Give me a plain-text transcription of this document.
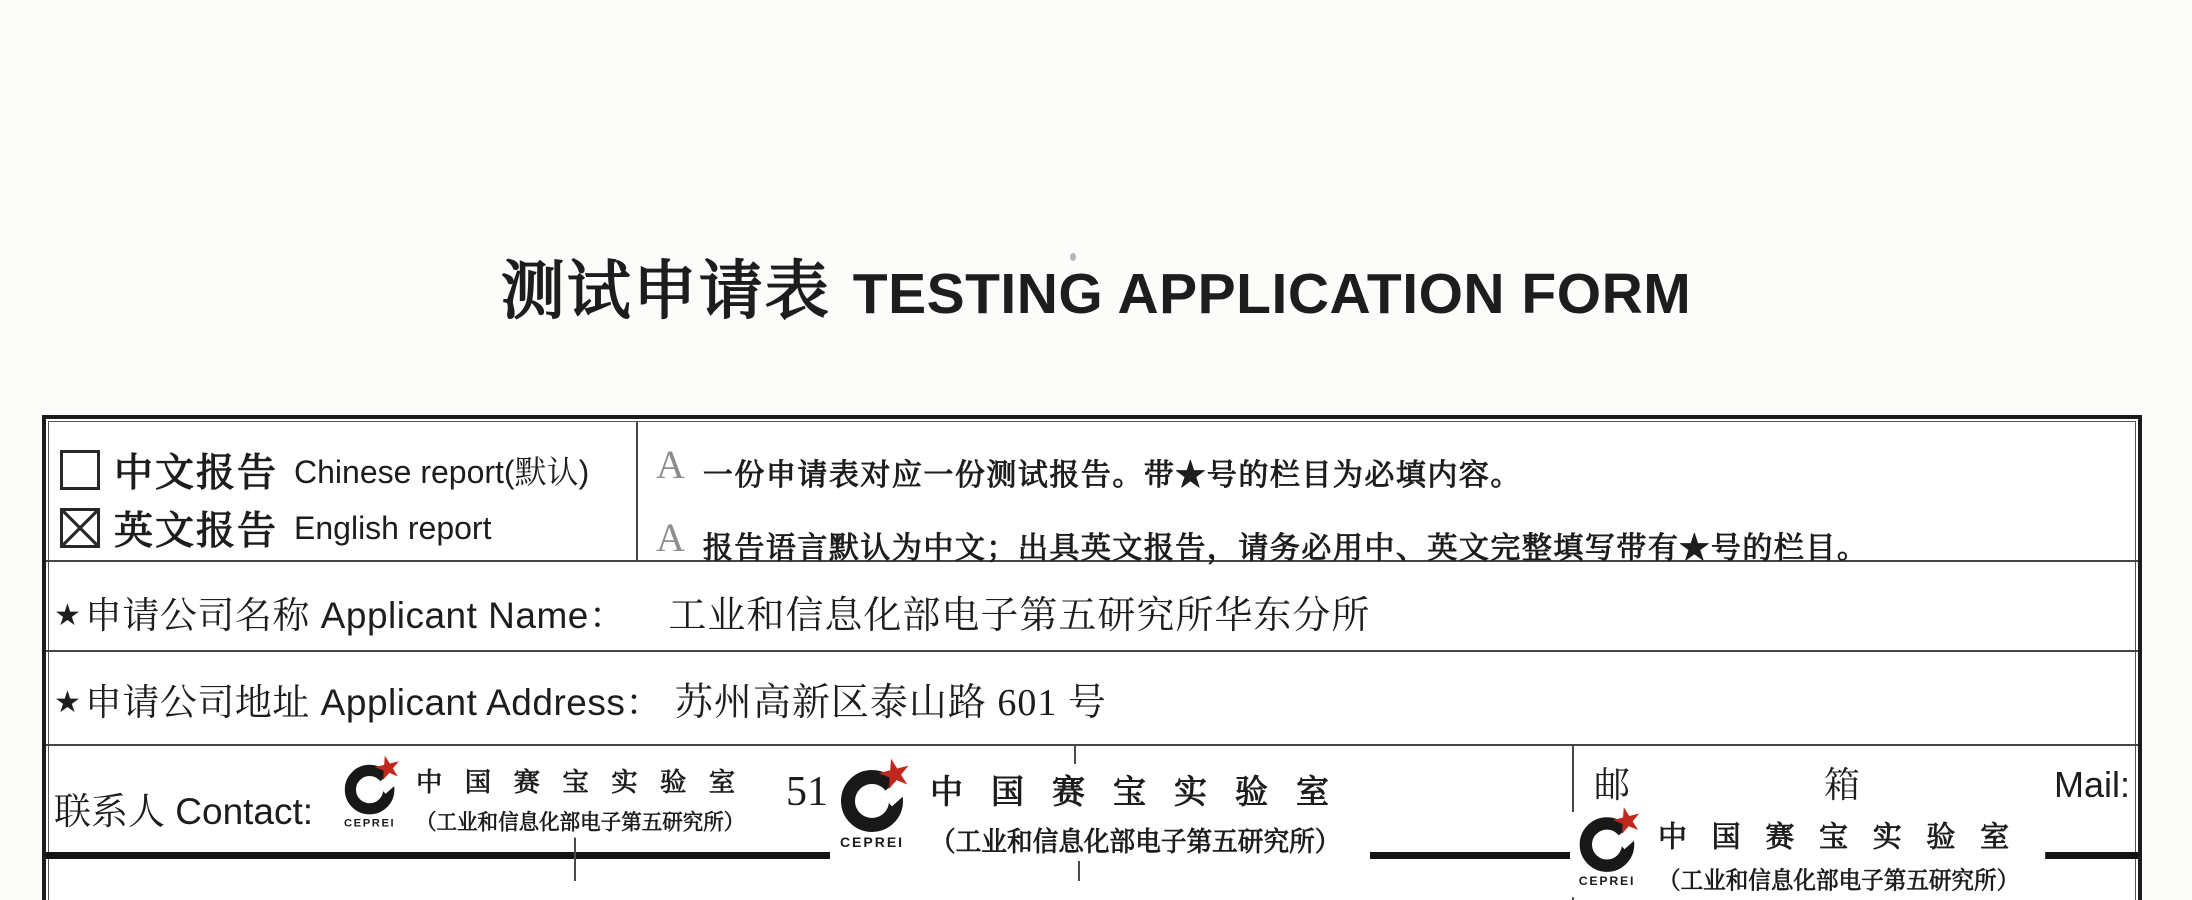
测试申请表 TESTING APPLICATION FORM
中文报告 Chinese report(默认)
英文报告 English report
A 一份申请表对应一份测试报告。带★号的栏目为必填内容。
A 报告语言默认为中文；出具英文报告，请务必用中、英文完整填写带有★号的栏目。
★ 申请公司名称 Applicant Name： 工业和信息化部电子第五研究所华东分所
★ 申请公司地址 Applicant Address： 苏州高新区泰山路 601 号
联系人 Contact:
邮	箱	Mail:
51
★
CEPREI
中国赛宝实验室
（工业和信息化部电子第五研究所）
★
CEPREI
中国赛宝实验室
（工业和信息化部电子第五研究所）	★
CEPREI
中国赛宝实验室
（工业和信息化部电子第五研究所）
